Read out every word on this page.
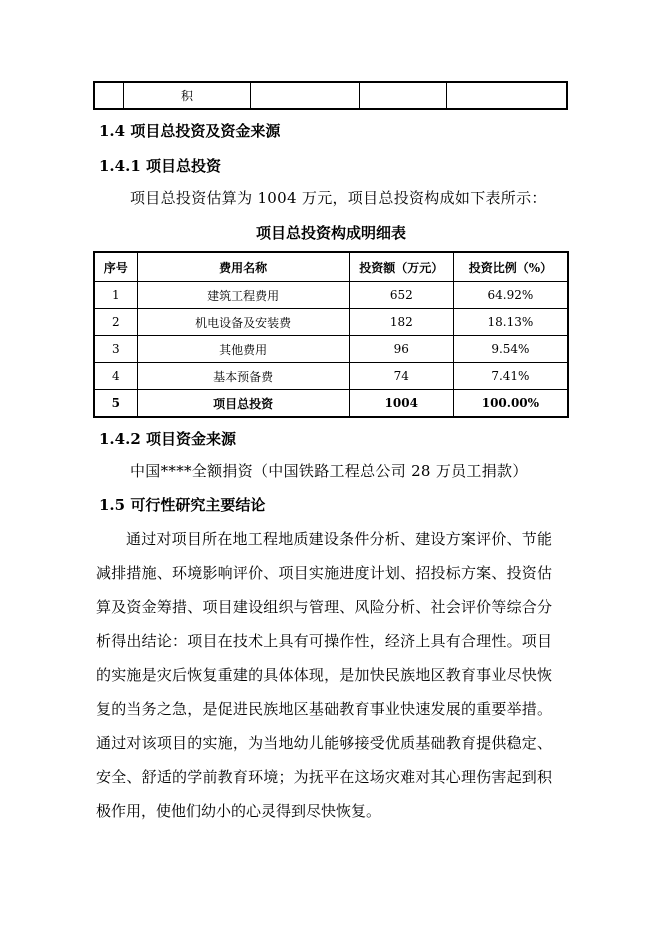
	积			
1.4 项目总投资及资金来源
1.4.1 项目总投资
项目总投资估算为 1004 万元，项目总投资构成如下表所示：
项目总投资构成明细表
序号	费用名称	投资额（万元）	投资比例（%）
1	建筑工程费用	652	64.92%
2	机电设备及安装费	182	18.13%
3	其他费用	96	9.54%
4	基本预备费	74	7.41%
5	项目总投资	1004	100.00%
1.4.2 项目资金来源
中国****全额捐资（中国铁路工程总公司 28 万员工捐款）
1.5 可行性研究主要结论
通过对项目所在地工程地质建设条件分析、建设方案评价、节能减排措施、环境影响评价、项目实施进度计划、招投标方案、投资估算及资金筹措、项目建设组织与管理、风险分析、社会评价等综合分析得出结论：项目在技术上具有可操作性，经济上具有合理性。项目的实施是灾后恢复重建的具体体现，是加快民族地区教育事业尽快恢复的当务之急，是促进民族地区基础教育事业快速发展的重要举措。通过对该项目的实施，为当地幼儿能够接受优质基础教育提供稳定、安全、舒适的学前教育环境；为抚平在这场灾难对其心理伤害起到积极作用，使他们幼小的心灵得到尽快恢复。
